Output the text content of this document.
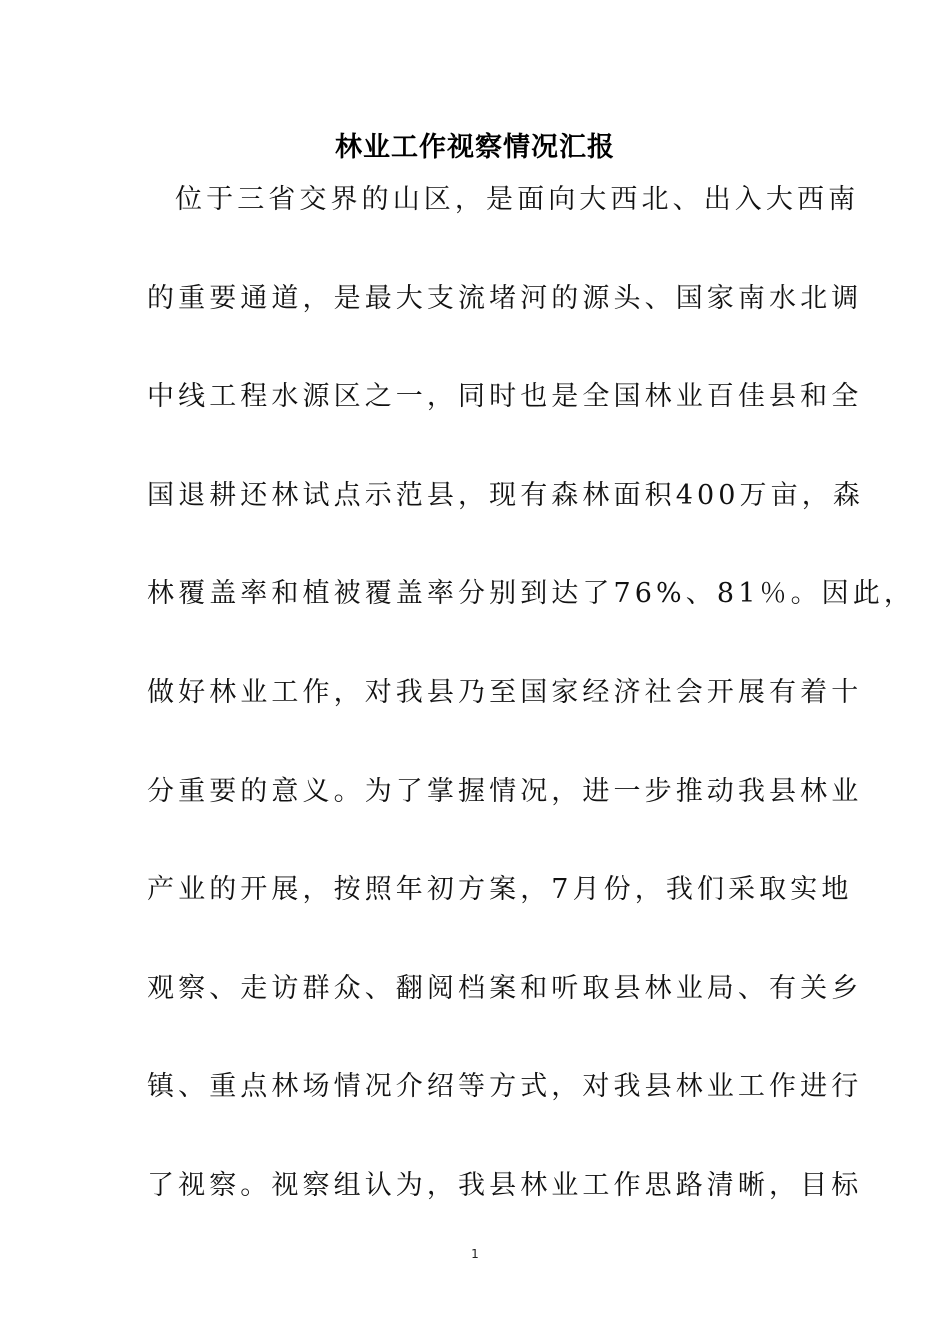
林业工作视察情况汇报
位于三省交界的山区，是面向大西北、出入大西南
的重要通道，是最大支流堵河的源头、国家南水北调
中线工程水源区之一，同时也是全国林业百佳县和全
国退耕还林试点示范县，现有森林面积400万亩，森
林覆盖率和植被覆盖率分别到达了76%、81％。因此，
做好林业工作，对我县乃至国家经济社会开展有着十
分重要的意义。为了掌握情况，进一步推动我县林业
产业的开展，按照年初方案，7月份，我们采取实地
观察、走访群众、翻阅档案和听取县林业局、有关乡
镇、重点林场情况介绍等方式，对我县林业工作进行
了视察。视察组认为，我县林业工作思路清晰，目标
1
